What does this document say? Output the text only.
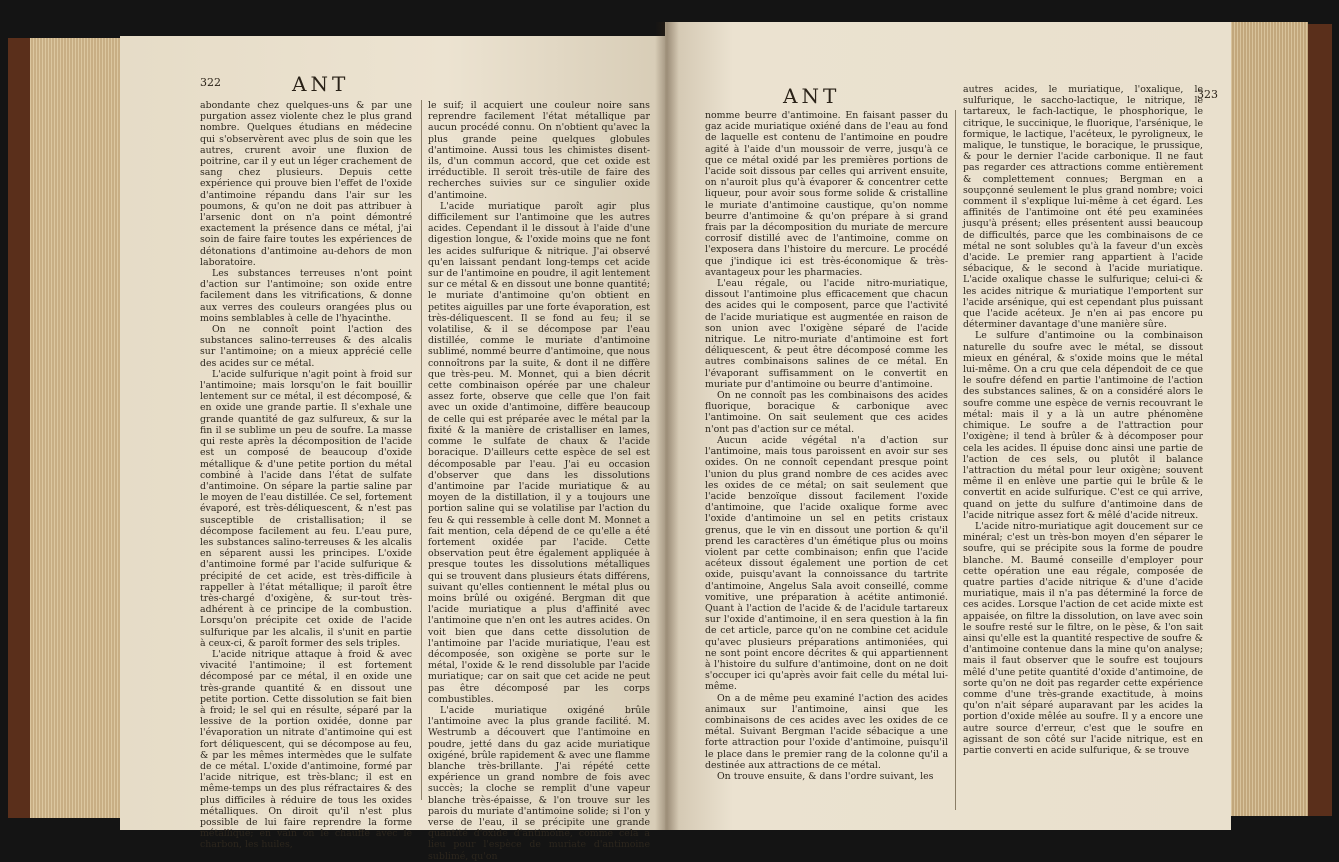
322	ANT

abondante chez quelques-uns & par une purgation assez violente chez le plus grand nombre. Quelques étudians en médecine qui s'observèrent avec plus de soin que les autres, crurent avoir une fluxion de poitrine, car il y eut un léger crachement de sang chez plusieurs. Depuis cette expérience qui prouve bien l'effet de l'oxide d'antimoine répandu dans l'air sur les poumons, & qu'on ne doit pas attribuer à l'arsenic dont on n'a point démontré exactement la présence dans ce métal, j'ai soin de faire faire toutes les expériences de détonations d'antimoine au-dehors de mon laboratoire.

Les substances terreuses n'ont point d'action sur l'antimoine; son oxide entre facilement dans les vitrifications, & donne aux verres des couleurs orangées plus ou moins semblables à celle de l'hyacinthe.

On ne connoît point l'action des substances salino-terreuses & des alcalis sur l'antimoine; on a mieux apprécié celle des acides sur ce métal.

L'acide sulfurique n'agit point à froid sur l'antimoine; mais lorsqu'on le fait bouillir lentement sur ce métal, il est décomposé, & en oxide une grande partie. Il s'exhale une grande quantité de gaz sulfureux, & sur la fin il se sublime un peu de soufre. La masse qui reste après la décomposition de l'acide est un composé de beaucoup d'oxide métallique & d'une petite portion du métal combiné à l'acide dans l'état de sulfate d'antimoine. On sépare la partie saline par le moyen de l'eau distillée. Ce sel, fortement évaporé, est très-déliquescent, & n'est pas susceptible de cristallisation; il se décompose facilement au feu. L'eau pure, les substances salino-terreuses & les alcalis en séparent aussi les principes. L'oxide d'antimoine formé par l'acide sulfurique & précipité de cet acide, est très-difficile à rappeller à l'état métallique; il paroît être très-chargé d'oxigène, & sur-tout très-adhérent à ce principe de la combustion. Lorsqu'on précipite cet oxide de l'acide sulfurique par les alcalis, il s'unit en partie à ceux-ci, & paroît former des sels triples.

L'acide nitrique attaque à froid & avec vivacité l'antimoine; il est fortement décomposé par ce métal, il en oxide une très-grande quantité & en dissout une petite portion. Cette dissolution se fait bien à froid; le sel qui en résulte, séparé par la lessive de la portion oxidée, donne par l'évaporation un nitrate d'antimoine qui est fort déliquescent, qui se décompose au feu, & par les mêmes intermèdes que le sulfate de ce métal. L'oxide d'antimoine, formé par l'acide nitrique, est très-blanc; il est en même-temps un des plus réfractaires & des plus difficiles à réduire de tous les oxides métalliques. On diroit qu'il n'est plus possible de lui faire reprendre la forme métallique; en vain on le chauffe avec le charbon, les huiles,

le suif; il acquiert une couleur noire sans reprendre facilement l'état métallique par aucun procédé connu. On n'obtient qu'avec la plus grande peine quelques globules d'antimoine. Aussi tous les chimistes disent-ils, d'un commun accord, que cet oxide est irréductible. Il seroit très-utile de faire des recherches suivies sur ce singulier oxide d'antimoine.

L'acide muriatique paroît agir plus difficilement sur l'antimoine que les autres acides. Cependant il le dissout à l'aide d'une digestion longue, & l'oxide moins que ne font les acides sulfurique & nitrique. J'ai observé qu'en laissant pendant long-temps cet acide sur de l'antimoine en poudre, il agit lentement sur ce métal & en dissout une bonne quantité; le muriate d'antimoine qu'on obtient en petites aiguilles par une forte évaporation, est très-déliquescent. Il se fond au feu; il se volatilise, & il se décompose par l'eau distillée, comme le muriate d'antimoine sublimé, nommé beurre d'antimoine, que nous connoîtrons par la suite, & dont il ne diffère que très-peu. M. Monnet, qui a bien décrit cette combinaison opérée par une chaleur assez forte, observe que celle que l'on fait avec un oxide d'antimoine, diffère beaucoup de celle qui est préparée avec le métal par la fixité & la manière de cristalliser en lames, comme le sulfate de chaux & l'acide boracique. D'ailleurs cette espèce de sel est décomposable par l'eau. J'ai eu occasion d'observer que dans les dissolutions d'antimoine par l'acide muriatique & au moyen de la distillation, il y a toujours une portion saline qui se volatilise par l'action du feu & qui ressemble à celle dont M. Monnet a fait mention, cela dépend de ce qu'elle a été fortement oxidée par l'acide. Cette observation peut être également appliquée à presque toutes les dissolutions métalliques qui se trouvent dans plusieurs états différens, suivant qu'elles contiennent le métal plus ou moins brûlé ou oxigéné. Bergman dit que l'acide muriatique a plus d'affinité avec l'antimoine que n'en ont les autres acides. On voit bien que dans cette dissolution de l'antimoine par l'acide muriatique, l'eau est décomposée, son oxigène se porte sur le métal, l'oxide & le rend dissoluble par l'acide muriatique; car on sait que cet acide ne peut pas être décomposé par les corps combustibles.

L'acide muriatique oxigéné brûle l'antimoine avec la plus grande facilité. M. Westrumb a découvert que l'antimoine en poudre, jetté dans du gaz acide muriatique oxigéné, brûle rapidement & avec une flamme blanche très-brillante. J'ai répété cette expérience un grand nombre de fois avec succès; la cloche se remplit d'une vapeur blanche très-épaisse, & l'on trouve sur les parois du muriate d'antimoine solide; si l'on y verse de l'eau, il se précipite une grande quantité d'oxide d'antimoine, comme cela a lieu pour l'espèce de muriate d'antimoine sublimé, qu'on

ANT	323

nomme beurre d'antimoine. En faisant passer du gaz acide muriatique oxiéné dans de l'eau au fond de laquelle est contenu de l'antimoine en poudre agité à l'aide d'un moussoir de verre, jusqu'à ce que ce métal oxidé par les premières portions de l'acide soit dissous par celles qui arrivent ensuite, on n'auroit plus qu'à évaporer & concentrer cette liqueur, pour avoir sous forme solide & cristalline le muriate d'antimoine caustique, qu'on nomme beurre d'antimoine & qu'on prépare à si grand frais par la décomposition du muriate de mercure corrosif distillé avec de l'antimoine, comme on l'exposera dans l'histoire du mercure. Le procédé que j'indique ici est très-économique & très-avantageux pour les pharmacies.

L'eau régale, ou l'acide nitro-muriatique, dissout l'antimoine plus efficacement que chacun des acides qui le composent, parce que l'activité de l'acide muriatique est augmentée en raison de son union avec l'oxigène séparé de l'acide nitrique. Le nitro-muriate d'antimoine est fort déliquescent, & peut être décomposé comme les autres combinaisons salines de ce métal. En l'évaporant suffisamment on le convertit en muriate pur d'antimoine ou beurre d'antimoine.

On ne connoît pas les combinaisons des acides fluorique, boracique & carbonique avec l'antimoine. On sait seulement que ces acides n'ont pas d'action sur ce métal.

Aucun acide végétal n'a d'action sur l'antimoine, mais tous paroissent en avoir sur ses oxides. On ne connoît cependant presque point l'union du plus grand nombre de ces acides avec les oxides de ce métal; on sait seulement que l'acide benzoïque dissout facilement l'oxide d'antimoine, que l'acide oxalique forme avec l'oxide d'antimoine un sel en petits cristaux grenus, que le vin en dissout une portion & qu'il prend les caractères d'un émétique plus ou moins violent par cette combinaison; enfin que l'acide acéteux dissout également une portion de cet oxide, puisqu'avant la connoissance du tartrite d'antimoine, Angelus Sala avoit conseillé, comme vomitive, une préparation à acétite antimonié. Quant à l'action de l'acide & de l'acidule tartareux sur l'oxide d'antimoine, il en sera question à la fin de cet article, parce qu'on ne combine cet acidule qu'avec plusieurs préparations antimoniées, qui ne sont point encore décrites & qui appartiennent à l'histoire du sulfure d'antimoine, dont on ne doit s'occuper ici qu'après avoir fait celle du métal lui-même.

On a de même peu examiné l'action des acides animaux sur l'antimoine, ainsi que les combinaisons de ces acides avec les oxides de ce métal. Suivant Bergman l'acide sébacique a une forte attraction pour l'oxide d'antimoine, puisqu'il le place dans le premier rang de la colonne qu'il a destinée aux attractions de ce métal.

On trouve ensuite, & dans l'ordre suivant, les

autres acides, le muriatique, l'oxalique, le sulfurique, le saccho-lactique, le nitrique, le tartareux, le fach-lactique, le phosphorique, le citrique, le succinique, le fluorique, l'arsénique, le formique, le lactique, l'acéteux, le pyroligneux, le malique, le tunstique, le boracique, le prussique, & pour le dernier l'acide carbonique. Il ne faut pas regarder ces attractions comme entièrement & complettement connues; Bergman en a soupçonné seulement le plus grand nombre; voici comment il s'explique lui-même à cet égard. Les affinités de l'antimoine ont été peu examinées jusqu'à présent; elles présentent aussi beaucoup de difficultés, parce que les combinaisons de ce métal ne sont solubles qu'à la faveur d'un excès d'acide. Le premier rang appartient à l'acide sébacique, & le second à l'acide muriatique. L'acide oxalique chasse le sulfurique; celui-ci & les acides nitrique & muriatique l'emportent sur l'acide arsénique, qui est cependant plus puissant que l'acide acéteux. Je n'en ai pas encore pu déterminer davantage d'une manière sûre.

Le sulfure d'antimoine ou la combinaison naturelle du soufre avec le métal, se dissout mieux en général, & s'oxide moins que le métal lui-même. On a cru que cela dépendoit de ce que le soufre défend en partie l'antimoine de l'action des substances salines, & on a considéré alors le soufre comme une espèce de vernis recouvrant le métal: mais il y a là un autre phénomène chimique. Le soufre a de l'attraction pour l'oxigène; il tend à brûler & à décomposer pour cela les acides. Il épuise donc ainsi une partie de l'action de ces sels, ou plutôt il balance l'attraction du métal pour leur oxigène; souvent même il en enlève une partie qui le brûle & le convertit en acide sulfurique. C'est ce qui arrive, quand on jette du sulfure d'antimoine dans de l'acide nitrique assez fort & mêlé d'acide nitreux.

L'acide nitro-muriatique agit doucement sur ce minéral; c'est un très-bon moyen d'en séparer le soufre, qui se précipite sous la forme de poudre blanche. M. Baumé conseille d'employer pour cette opération une eau régale, composée de quatre parties d'acide nitrique & d'une d'acide muriatique, mais il n'a pas déterminé la force de ces acides. Lorsque l'action de cet acide mixte est appaisée, on filtre la dissolution, on lave avec soin le soufre resté sur le filtre, on le pèse, & l'on sait ainsi qu'elle est la quantité respective de soufre & d'antimoine contenue dans la mine qu'on analyse; mais il faut observer que le soufre est toujours mêlé d'une petite quantité d'oxide d'antimoine, de sorte qu'on ne doit pas regarder cette expérience comme d'une très-grande exactitude, à moins qu'on n'ait séparé auparavant par les acides la portion d'oxide mêlée au soufre. Il y a encore une autre source d'erreur, c'est que le soufre en agissant de son côté sur l'acide nitrique, est en partie converti en acide sulfurique, & se trouve
